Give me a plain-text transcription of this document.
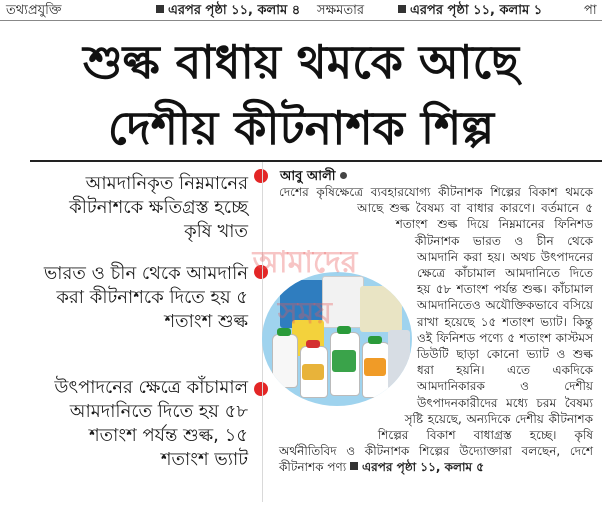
তথ্যপ্রযুক্তি	এরপর পৃষ্ঠা ১১, কলাম ৪ সক্ষমতার	এরপর পৃষ্ঠা ১১, কলাম ১	পা
শুল্ক বাধায় থমকে আছে
দেশীয় কীটনাশক শিল্প
আমদানিকৃত নিম্নমানের কীটনাশকে ক্ষতিগ্রস্ত হচ্ছে কৃষি খাত
ভারত ও চীন থেকে আমদানি করা কীটনাশকে দিতে হয় ৫ শতাংশ শুল্ক
উৎপাদনের ক্ষেত্রে কাঁচামাল আমদানিতে দিতে হয় ৫৮ শতাংশ পর্যন্ত শুল্ক, ১৫ শতাংশ ভ্যাট
আবু আলী
দেশের কৃষিক্ষেত্রে ব্যবহারযোগ্য কীটনাশক শিল্পের বিকাশ থমকে আছে শুল্ক বৈষম্য বা বাধার কারণে। বর্তমানে ৫ শতাংশ শুল্ক দিয়ে নিম্নমানের ফিনিশড কীটনাশক ভারত ও চীন থেকে আমদানি করা হয়। অথচ উৎপাদনের ক্ষেত্রে কাঁচামাল আমদানিতে দিতে হয় ৫৮ শতাংশ পর্যন্ত শুল্ক। কাঁচামাল আমদানিতেও অযৌক্তিকভাবে বসিয়ে রাখা হয়েছে ১৫ শতাংশ ভ্যাট। কিন্তু ওই ফিনিশড পণ্যে ৫ শতাংশ কাস্টমস ডিউটি ছাড়া কোনো ভ্যাট ও শুল্ক ধরা হয়নি। এতে একদিকে আমদানিকারক ও দেশীয় উৎপাদনকারীদের মধ্যে চরম বৈষম্য সৃষ্টি হয়েছে, অন্যদিকে দেশীয় কীটনাশক শিল্পের বিকাশ বাধাগ্রস্ত হচ্ছে। কৃষি অর্থনীতিবিদ ও কীটনাশক শিল্পের উদ্যোক্তারা বলছেন, দেশে কীটনাশক পণ্য এরপর পৃষ্ঠা ১১, কলাম ৫
আমাদের সময়
